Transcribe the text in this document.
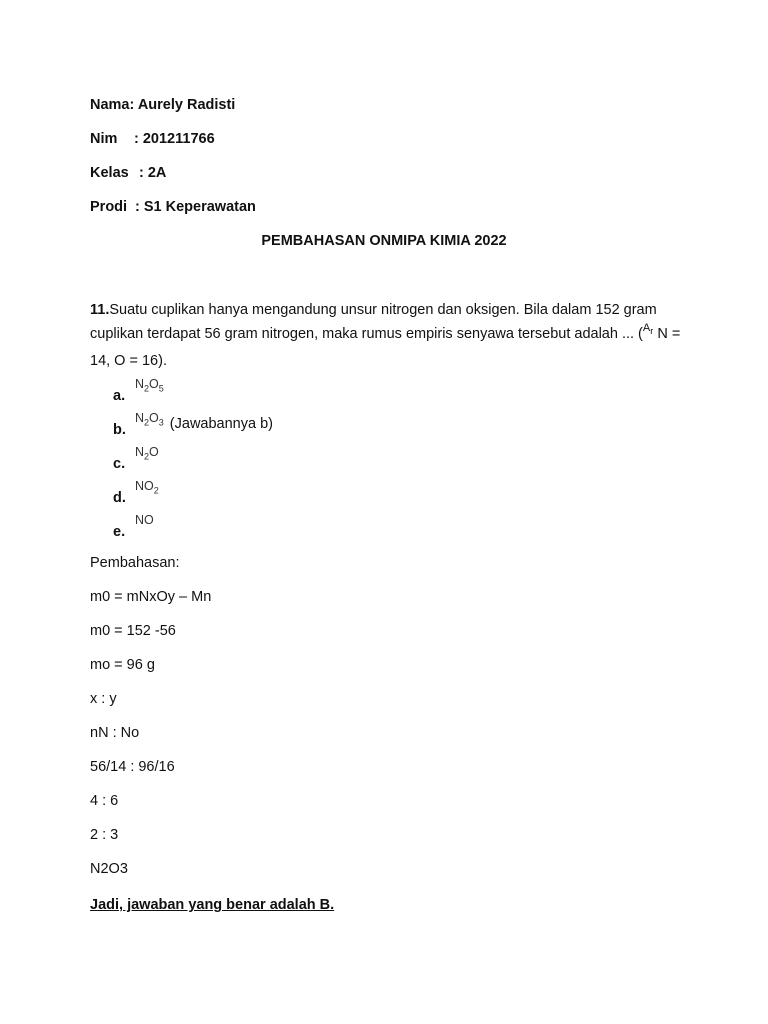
Nama: Aurely Radisti
Nim : 201211766
Kelas : 2A
Prodi : S1 Keperawatan
PEMBAHASAN ONMIPA KIMIA 2022
11.Suatu cuplikan hanya mengandung unsur nitrogen dan oksigen. Bila dalam 152 gram cuplikan terdapat 56 gram nitrogen, maka rumus empiris senyawa tersebut adalah ... ($^{A_r}$ N = 14, O = 16).
$a.N_2O_5$
$b.N_2O_3$ (Jawabannya b)
$c.N_2O$
$d.NO_2$
e.NO
Pembahasan:
m0 = mNxOy – Mn
m0 = 152 -56
mo = 96 g
x : y
nN : No
56/14 : 96/16
4 : 6
2 : 3
N2O3
Jadi, jawaban yang benar adalah B.
